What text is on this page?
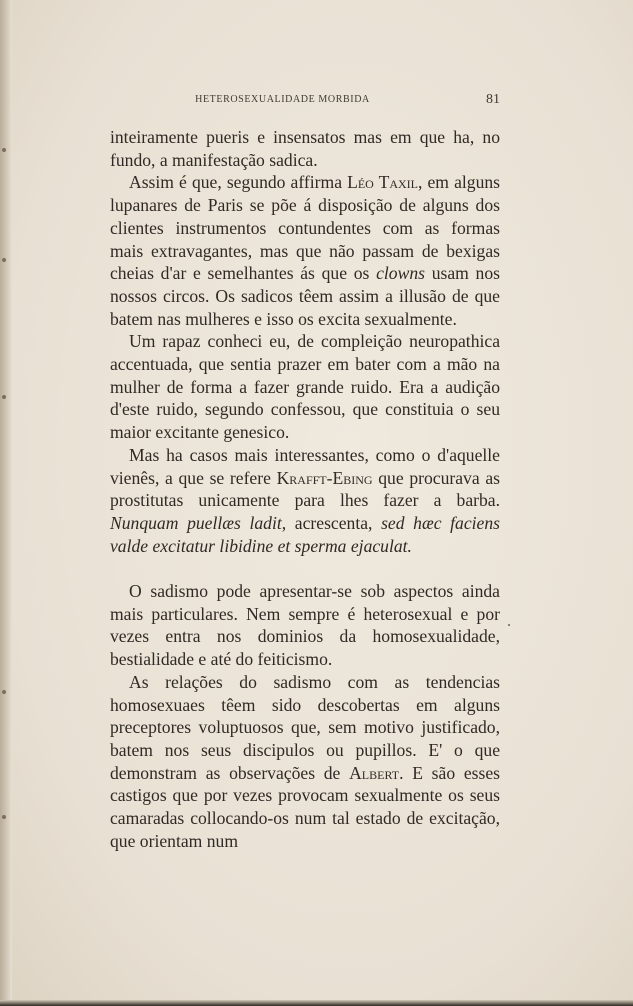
HETEROSEXUALIDADE MORBIDA	81

inteiramente pueris e insensatos mas em que ha, no fundo, a manifestação sadica.

Assim é que, segundo affirma Léo Taxil, em alguns lupanares de Paris se põe á disposição de alguns dos clientes instrumentos contundentes com as formas mais extravagantes, mas que não passam de bexigas cheias d'ar e semelhantes ás que os clowns usam nos nossos circos. Os sadicos têem assim a illusão de que batem nas mulheres e isso os excita sexualmente.

Um rapaz conheci eu, de compleição neuropathica accentuada, que sentia prazer em bater com a mão na mulher de forma a fazer grande ruido. Era a audição d'este ruido, segundo confessou, que constituia o seu maior excitante genesico.

Mas ha casos mais interessantes, como o d'aquelle vienês, a que se refere Krafft-Ebing que procurava as prostitutas unicamente para lhes fazer a barba. Nunquam puellæs ladit, acrescenta, sed hæc faciens valde excitatur libidine et sperma ejaculat.

O sadismo pode apresentar-se sob aspectos ainda mais particulares. Nem sempre é heterosexual e por vezes entra nos dominios da homosexualidade, bestialidade e até do feiticismo.

As relações do sadismo com as tendencias homosexuaes têem sido descobertas em alguns preceptores voluptuosos que, sem motivo justificado, batem nos seus discipulos ou pupillos. E' o que demonstram as observações de Albert. E são esses castigos que por vezes provocam sexualmente os seus camaradas collocando-os num tal estado de excitação, que orientam num
